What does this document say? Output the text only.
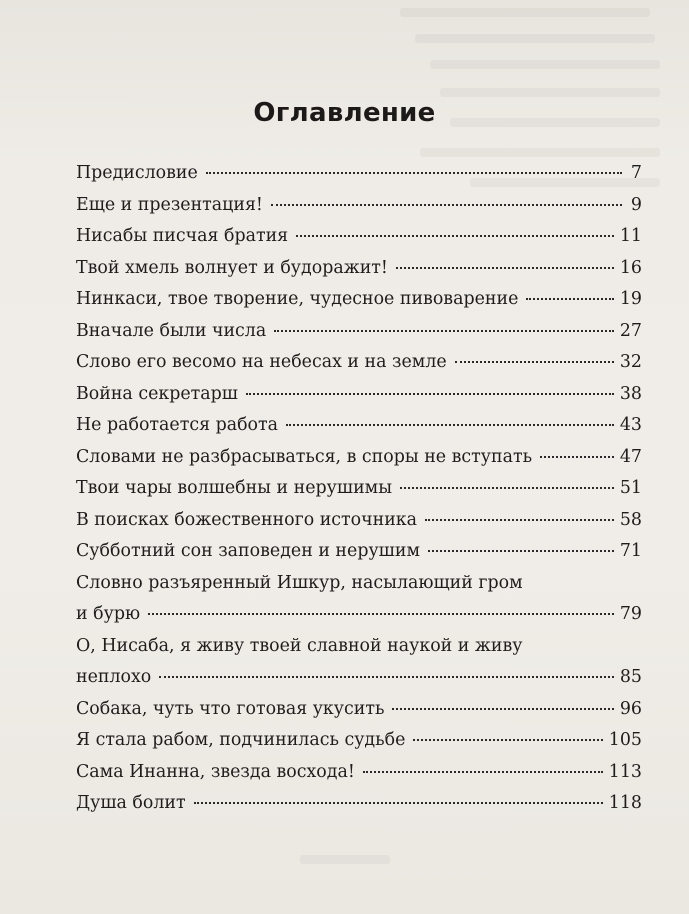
Оглавление
Предисловие	7
Еще и презентация!	9
Нисабы писчая братия	11
Твой хмель волнует и будоражит!	16
Нинкаси, твое творение, чудесное пивоварение	19
Вначале были числа	27
Слово его весомо на небесах и на земле	32
Война секретарш	38
Не работается работа	43
Словами не разбрасываться, в споры не вступать	47
Твои чары волшебны и нерушимы	51
В поисках божественного источника	58
Субботний сон заповеден и нерушим	71
Словно разъяренный Ишкур, насылающий гром
и бурю	79
О, Нисаба, я живу твоей славной наукой и живу
неплохо	85
Собака, чуть что готовая укусить	96
Я стала рабом, подчинилась судьбе	105
Сама Инанна, звезда восхода!	113
Душа болит	118
